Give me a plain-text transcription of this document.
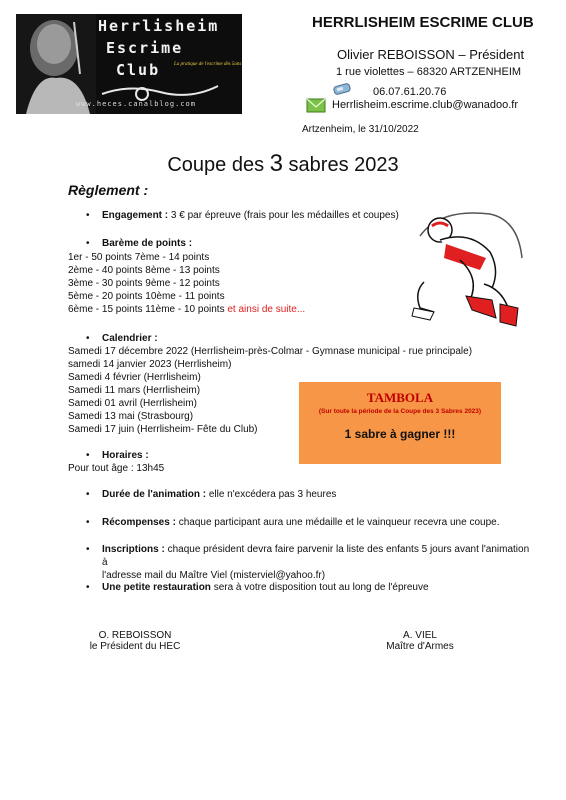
Herrlisheim
Escrime
Club	La pratique de l'escrime dès 5ans
www.heces.canalblog.com
HERRLISHEIM ESCRIME CLUB
Olivier REBOISSON – Président
1 rue violettes – 68320 ARTZENHEIM
06.07.61.20.76
Herrlisheim.escrime.club@wanadoo.fr
Artzenheim, le 31/10/2022
Coupe des 3 sabres 2023
Règlement :
• Engagement : 3 € par épreuve (frais pour les médailles et coupes)
• Barème de points :
1er - 50 points 7ème - 14 points
2ème - 40 points 8ème - 13 points
3ème - 30 points 9ème - 12 points
5ème - 20 points 10ème - 11 points
6ème - 15 points 11ème - 10 points et ainsi de suite...
• Calendrier :
Samedi 17 décembre 2022 (Herrlisheim-près-Colmar - Gymnase municipal - rue principale)
samedi 14 janvier 2023 (Herrlisheim)
Samedi 4 février (Herrlisheim)
Samedi 11 mars (Herrlisheim)
Samedi 01 avril (Herrlisheim)
Samedi 13 mai (Strasbourg)
Samedi 17 juin (Herrlisheim- Fête du Club)
TAMBOLA
(Sur toute la période de la Coupe des 3 Sabres 2023)
1 sabre à gagner !!!
• Horaires :
Pour tout âge : 13h45
• Durée de l'animation : elle n'excédera pas 3 heures
• Récompenses : chaque participant aura une médaille et le vainqueur recevra une coupe.
• Inscriptions : chaque président devra faire parvenir la liste des enfants 5 jours avant l'animation à
l'adresse mail du Maître Viel (misterviel@yahoo.fr)
• Une petite restauration sera à votre disposition tout au long de l'épreuve
O. REBOISSON
le Président du HEC
A. VIEL
Maître d'Armes
